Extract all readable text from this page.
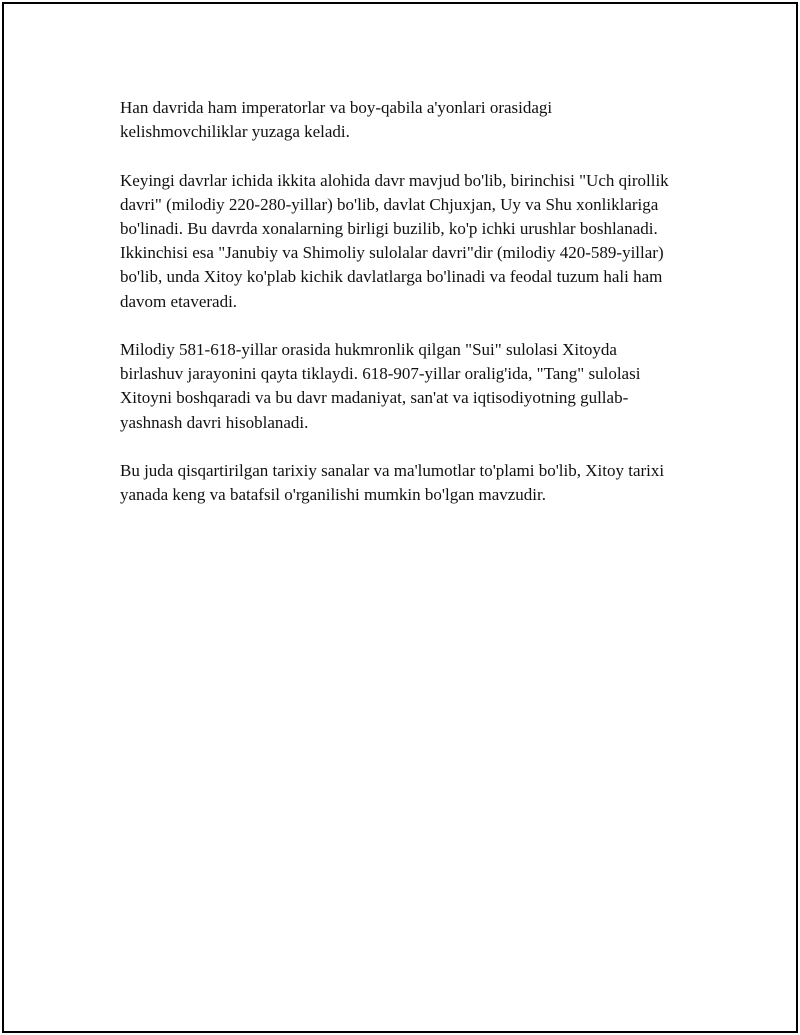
Han davrida ham imperatorlar va boy-qabila a'yonlari orasidagi kelishmovchiliklar yuzaga keladi.

Keyingi davrlar ichida ikkita alohida davr mavjud bo'lib, birinchisi "Uch qirollik davri" (milodiy 220-280-yillar) bo'lib, davlat Chjuxjan, Uy va Shu xonliklariga bo'linadi. Bu davrda xonalarning birligi buzilib, ko'p ichki urushlar boshlanadi. Ikkinchisi esa "Janubiy va Shimoliy sulolalar davri"dir (milodiy 420-589-yillar) bo'lib, unda Xitoy ko'plab kichik davlatlarga bo'linadi va feodal tuzum hali ham davom etaveradi.

Milodiy 581-618-yillar orasida hukmronlik qilgan "Sui" sulolasi Xitoyda birlashuv jarayonini qayta tiklaydi. 618-907-yillar oralig'ida, "Tang" sulolasi Xitoyni boshqaradi va bu davr madaniyat, san'at va iqtisodiyotning gullab-yashnash davri hisoblanadi.

Bu juda qisqartirilgan tarixiy sanalar va ma'lumotlar to'plami bo'lib, Xitoy tarixi yanada keng va batafsil o'rganilishi mumkin bo'lgan mavzudir.
